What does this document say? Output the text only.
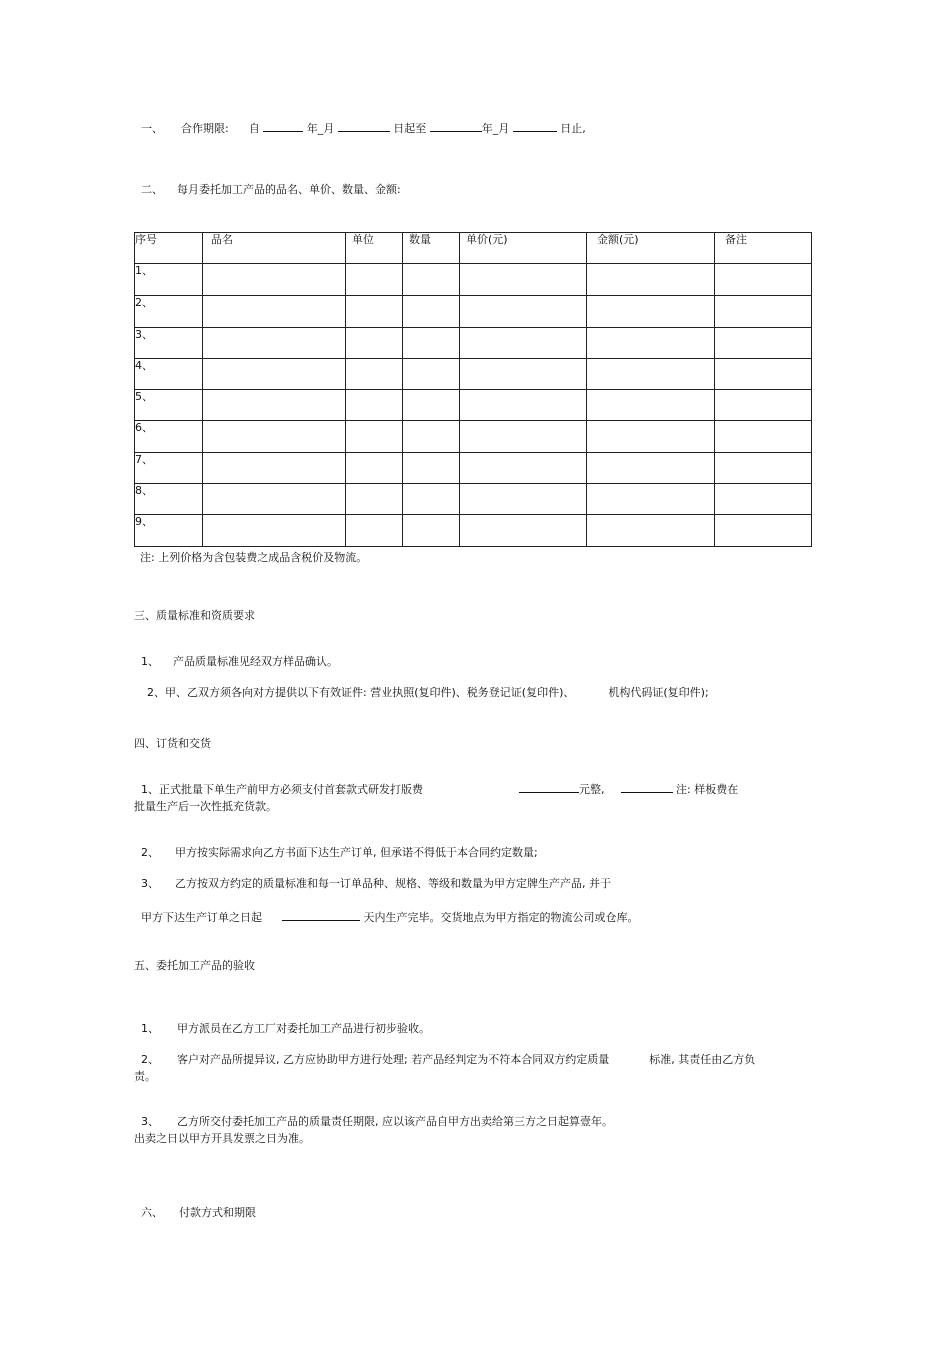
一、 合作期限: 自	年_月	日起至	年_月	日止,

二、 每月委托加工产品的品名、单价、数量、金额:

序号	品名	单位	数量	单价(元)	金额(元)	备注
1、						
2、						
3、						
4、						
5、						
6、						
7、						
8、						
9、						
注: 上列价格为含包装费之成品含税价及物流。
三、质量标准和资质要求

1、 产品质量标准见经双方样品确认。

2、甲、乙双方须各向对方提供以下有效证件: 营业执照(复印件)、税务登记证(复印件)、	机构代码证(复印件);

四、订货和交货

1、正式批量下单生产前甲方必须支付首套款式研发打版费	元整,	注: 样板费在

批量生产后一次性抵充货款。

2、 甲方按实际需求向乙方书面下达生产订单, 但承诺不得低于本合同约定数量;

3、 乙方按双方约定的质量标准和每一订单品种、规格、等级和数量为甲方定牌生产产品, 并于

甲方下达生产订单之日起	天内生产完毕。交货地点为甲方指定的物流公司或仓库。

五、委托加工产品的验收

1、 甲方派员在乙方工厂对委托加工产品进行初步验收。

2、 客户对产品所提异议, 乙方应协助甲方进行处理; 若产品经判定为不符本合同双方约定质量	标准, 其责任由乙方负

责。

3、 乙方所交付委托加工产品的质量责任期限, 应以该产品自甲方出卖给第三方之日起算壹年。

出卖之日以甲方开具发票之日为准。

六、 付款方式和期限
